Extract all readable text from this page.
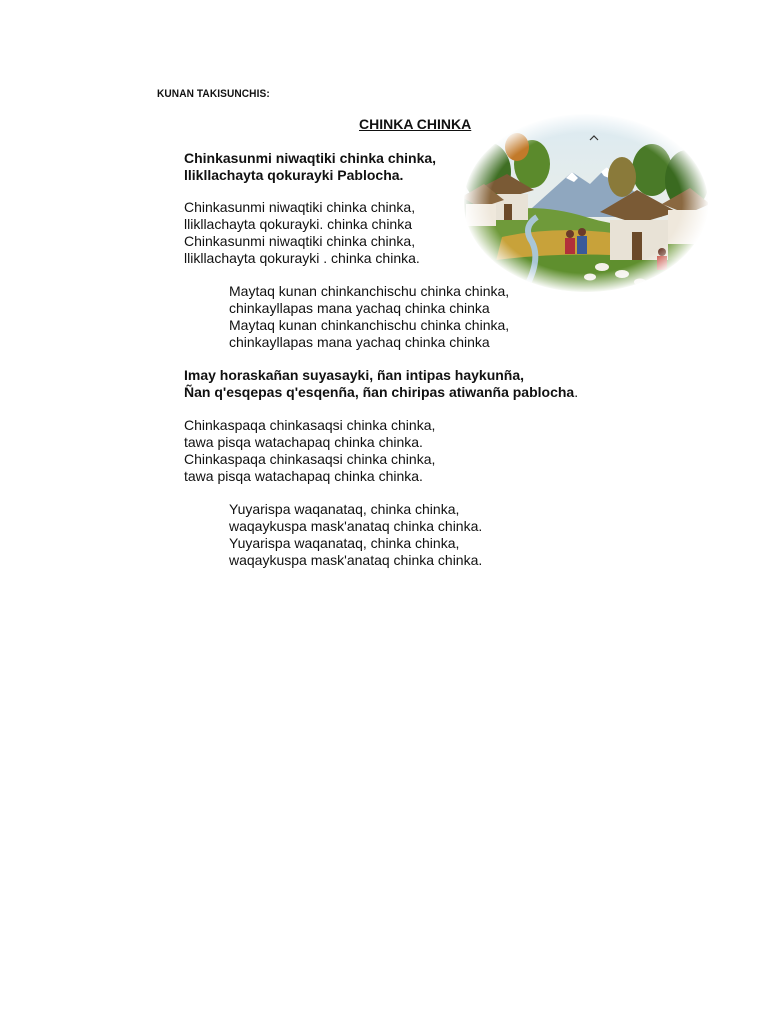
KUNAN TAKISUNCHIS:
CHINKA CHINKA
Chinkasunmi niwaqtiki chinka chinka,
llikllachayta qokurayki Pablocha.
Chinkasunmi niwaqtiki chinka chinka,
llikllachayta qokurayki. chinka chinka
Chinkasunmi niwaqtiki chinka chinka,
llikllachayta qokurayki . chinka chinka.
Maytaq kunan chinkanchischu chinka chinka,
chinkayllapas mana yachaq chinka chinka
Maytaq kunan chinkanchischu chinka chinka,
chinkayllapas mana yachaq chinka chinka
Imay horaskañan suyasayki, ñan intipas haykunña,
Ñan q'esqepas q'esqenña, ñan chiripas atiwanña pablocha.
Chinkaspaqa chinkasaqsi chinka chinka,
tawa pisqa watachapaq chinka chinka.
Chinkaspaqa chinkasaqsi chinka chinka,
tawa pisqa watachapaq chinka chinka.
Yuyarispa waqanataq, chinka chinka,
waqaykuspa mask'anataq chinka chinka.
Yuyarispa waqanataq, chinka chinka,
waqaykuspa mask'anataq chinka chinka.
